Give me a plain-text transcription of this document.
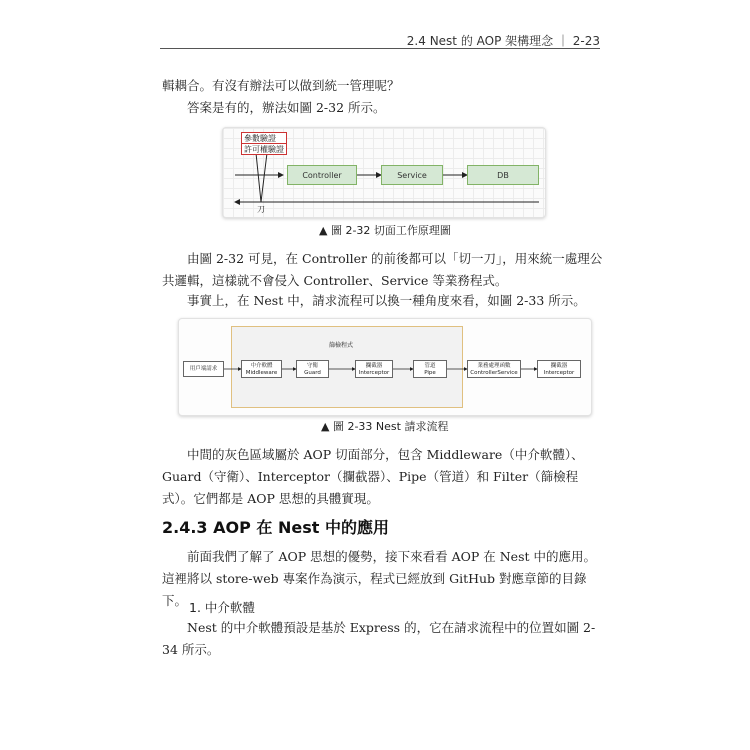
2.4 Nest 的 AOP 架構理念 ｜ 2-23

輯耦合。有沒有辦法可以做到統一管理呢？

答案是有的，辦法如圖 2-32 所示。

參數驗證
許可權驗證
Controller	Service	DB
刀
▲ 圖 2-32 切面工作原理圖

由圖 2-32 可見，在 Controller 的前後都可以「切一刀」，用來統一處理公共邏輯，這樣就不會侵入 Controller、Service 等業務程式。

事實上，在 Nest 中，請求流程可以換一種角度來看，如圖 2-33 所示。

篩檢程式
用戶端請求	中介軟體
Middleware
守衛
Guard
攔截器
Interceptor
管道
Pipe
業務處理函數
ControllerService
攔截器
Interceptor
▲ 圖 2-33 Nest 請求流程

中間的灰色區域屬於 AOP 切面部分，包含 Middleware（中介軟體）、Guard（守衛）、Interceptor（攔截器）、Pipe（管道）和 Filter（篩檢程式）。它們都是 AOP 思想的具體實現。

2.4.3 AOP 在 Nest 中的應用

前面我們了解了 AOP 思想的優勢，接下來看看 AOP 在 Nest 中的應用。這裡將以 store-web 專案作為演示，程式已經放到 GitHub 對應章節的目錄下。 1. 中介軟體

Nest 的中介軟體預設是基於 Express 的，它在請求流程中的位置如圖 2-34 所示。
